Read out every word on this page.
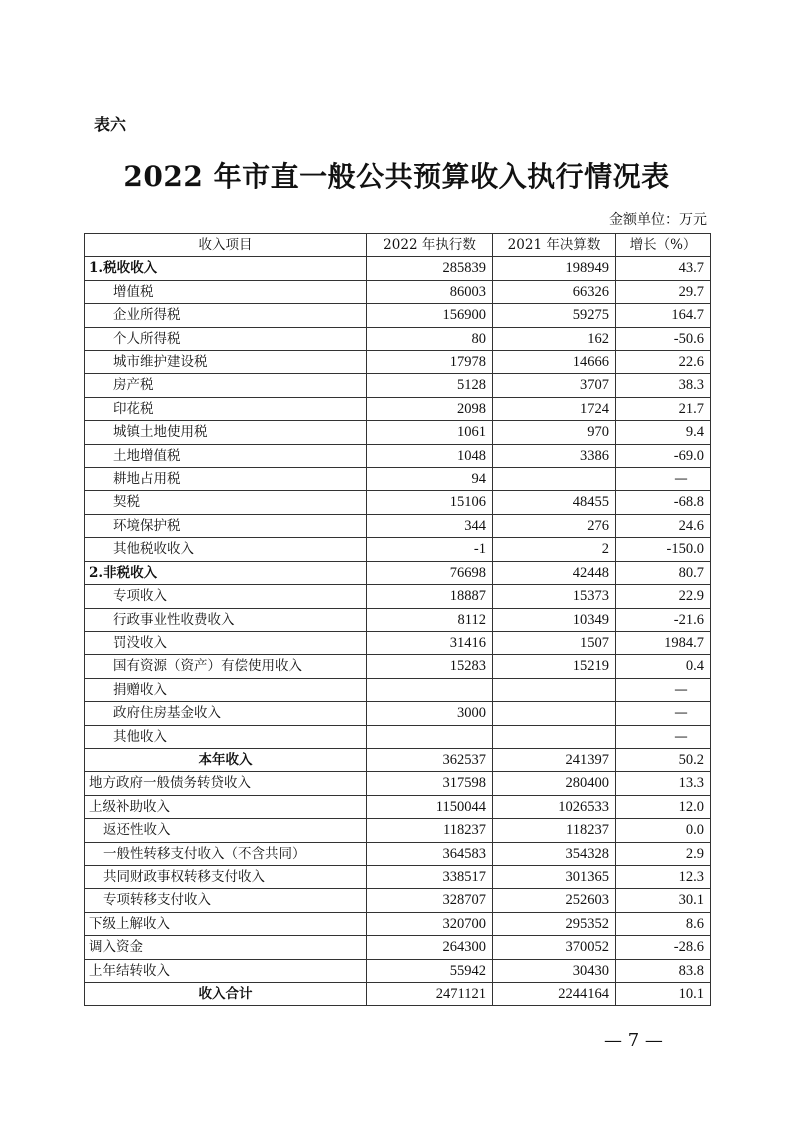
表六
2022 年市直一般公共预算收入执行情况表
金额单位：万元
收入项目	2022 年执行数	2021 年决算数	增长（%）
1.税收收入	285839	198949	43.7
增值税	86003	66326	29.7
企业所得税	156900	59275	164.7
个人所得税	80	162	-50.6
城市维护建设税	17978	14666	22.6
房产税	5128	3707	38.3
印花税	2098	1724	21.7
城镇土地使用税	1061	970	9.4
土地增值税	1048	3386	-69.0
耕地占用税	94		—
契税	15106	48455	-68.8
环境保护税	344	276	24.6
其他税收收入	-1	2	-150.0
2.非税收入	76698	42448	80.7
专项收入	18887	15373	22.9
行政事业性收费收入	8112	10349	-21.6
罚没收入	31416	1507	1984.7
国有资源（资产）有偿使用收入	15283	15219	0.4
捐赠收入			—
政府住房基金收入	3000		—
其他收入			—
本年收入	362537	241397	50.2
地方政府一般债务转贷收入	317598	280400	13.3
上级补助收入	1150044	1026533	12.0
返还性收入	118237	118237	0.0
一般性转移支付收入（不含共同）	364583	354328	2.9
共同财政事权转移支付收入	338517	301365	12.3
专项转移支付收入	328707	252603	30.1
下级上解收入	320700	295352	8.6
调入资金	264300	370052	-28.6
上年结转收入	55942	30430	83.8
收入合计	2471121	2244164	10.1
— 7 —
